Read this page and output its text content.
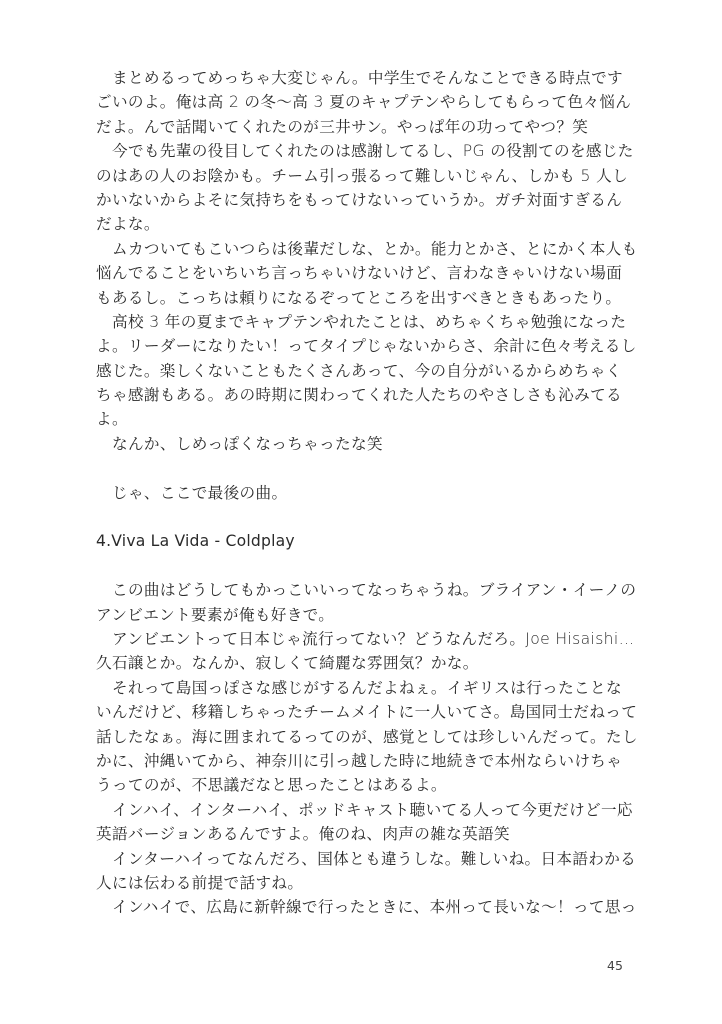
まとめるってめっちゃ大変じゃん。中学生でそんなことできる時点です
ごいのよ。俺は高 2 の冬～高 3 夏のキャプテンやらしてもらって色々悩ん
だよ。んで話聞いてくれたのが三井サン。やっぱ年の功ってやつ？笑
今でも先輩の役目してくれたのは感謝してるし、PG の役割てのを感じた
のはあの人のお陰かも。チーム引っ張るって難しいじゃん、しかも 5 人し
かいないからよそに気持ちをもってけないっていうか。ガチ対面すぎるん
だよな。
ムカついてもこいつらは後輩だしな、とか。能力とかさ、とにかく本人も
悩んでることをいちいち言っちゃいけないけど、言わなきゃいけない場面
もあるし。こっちは頼りになるぞってところを出すべきときもあったり。
高校 3 年の夏までキャプテンやれたことは、めちゃくちゃ勉強になった
よ。リーダーになりたい！ってタイプじゃないからさ、余計に色々考えるし
感じた。楽しくないこともたくさんあって、今の自分がいるからめちゃく
ちゃ感謝もある。あの時期に関わってくれた人たちのやさしさも沁みてる
よ。
なんか、しめっぽくなっちゃったな笑
じゃ、ここで最後の曲。
4.Viva La Vida - Coldplay
この曲はどうしてもかっこいいってなっちゃうね。ブライアン・イーノの
アンビエント要素が俺も好きで。
アンビエントって日本じゃ流行ってない？どうなんだろ。Joe Hisaishi…
久石譲とか。なんか、寂しくて綺麗な雰囲気？かな。
それって島国っぽさな感じがするんだよねぇ。イギリスは行ったことな
いんだけど、移籍しちゃったチームメイトに一人いてさ。島国同士だねって
話したなぁ。海に囲まれてるってのが、感覚としては珍しいんだって。たし
かに、沖縄いてから、神奈川に引っ越した時に地続きで本州ならいけちゃ
うってのが、不思議だなと思ったことはあるよ。
インハイ、インターハイ、ポッドキャスト聴いてる人って今更だけど一応
英語バージョンあるんですよ。俺のね、肉声の雑な英語笑
インターハイってなんだろ、国体とも違うしな。難しいね。日本語わかる
人には伝わる前提で話すね。
インハイで、広島に新幹線で行ったときに、本州って長いな～！って思っ
45
